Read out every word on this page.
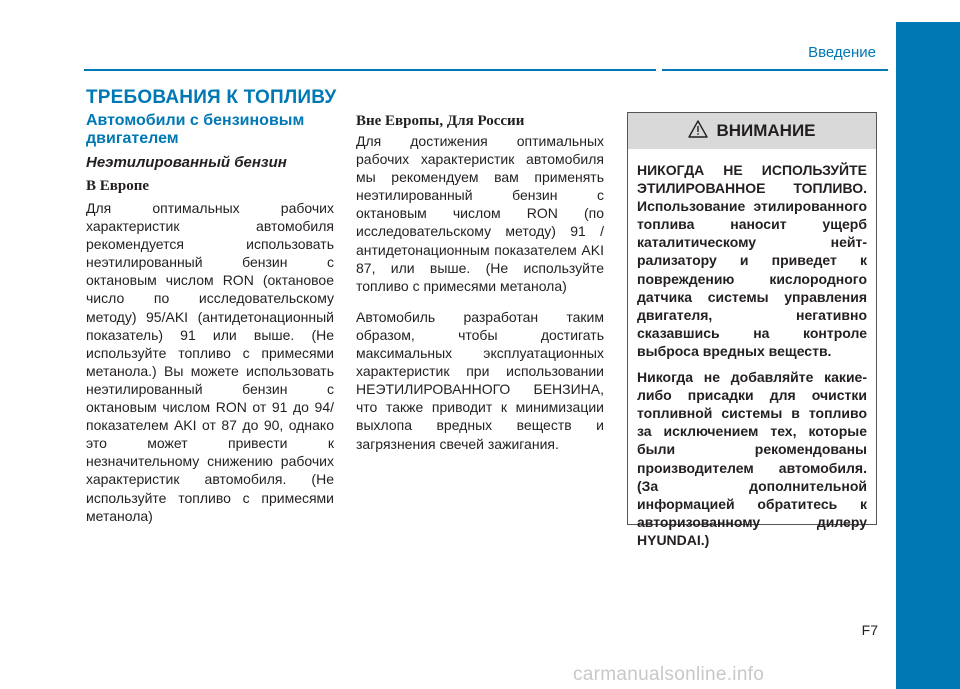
Введение
ТРЕБОВАНИЯ К ТОПЛИВУ
Автомобили с бензиновым двигателем
Неэтилированный бензин
В Европе

Для оптимальных рабочих характеристик автомобиля рекомендуется использовать неэтилированный бензин с октановым числом RON (октановое число по исследовательскому методу) 95/AKI (антидетонационный показатель) 91 или выше. (Не используйте топливо с примесями метанола.) Вы можете использовать неэтилированный бензин с октановым числом RON от 91 до 94/показателем AKI от 87 до 90, однако это может привести к незначительному снижению рабочих характеристик автомобиля. (Не используйте топливо с примесями метанола)

Вне Европы, Для России

Для достижения оптимальных рабочих характеристик автомобиля мы рекомендуем вам применять неэтилированный бензин с октановым числом RON (по исследовательскому методу) 91 / антидетонационным показателем AKI 87, или выше. (Не используйте топливо с примесями метанола)

Автомобиль разработан таким образом, чтобы достигать максимальных эксплуатационных характеристик при использовании НЕЭТИЛИРОВАННОГО БЕНЗИНА, что также приводит к минимизации выхлопа вредных веществ и загрязнения свечей зажигания.

ВНИМАНИЕ

НИКОГДА НЕ ИСПОЛЬЗУЙТЕ ЭТИЛИРОВАННОЕ ТОПЛИВО. Использование этилированного топлива наносит ущерб каталитическому нейт-рализатору и приведет к повреждению кислородного датчика системы управления двигателя, негативно сказавшись на контроле выброса вредных веществ.

Никогда не добавляйте какие-либо присадки для очистки топливной системы в топливо за исключением тех, которые были рекомендованы производителем автомобиля. (За дополнительной информацией обратитесь к авторизованному дилеру HYUNDAI.)

F7
carmanualsonline.info
